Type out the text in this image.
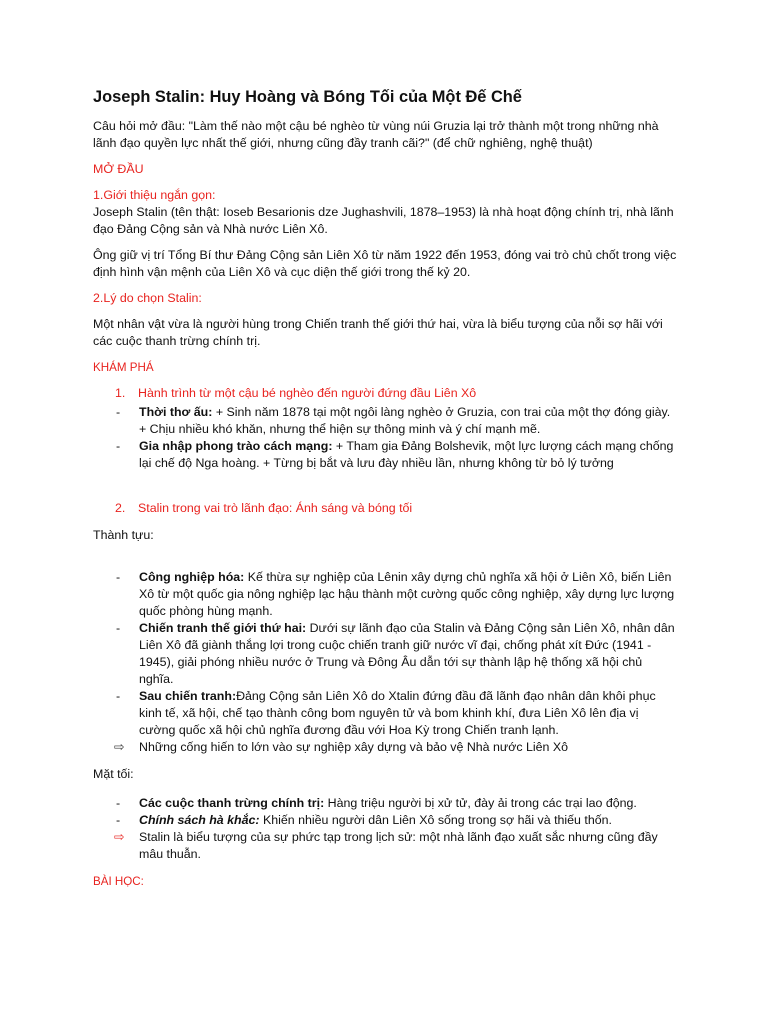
Joseph Stalin: Huy Hoàng và Bóng Tối của Một Đế Chế

Câu hỏi mở đầu: "Làm thế nào một cậu bé nghèo từ vùng núi Gruzia lại trở thành một trong những nhà lãnh đạo quyền lực nhất thế giới, nhưng cũng đầy tranh cãi?" (để chữ nghiêng, nghệ thuật)

MỞ ĐẦU

1.Giới thiệu ngắn gọn:

Joseph Stalin (tên thật: Ioseb Besarionis dze Jughashvili, 1878–1953) là nhà hoạt động chính trị, nhà lãnh đạo Đảng Cộng sản và Nhà nước Liên Xô.

Ông giữ vị trí Tổng Bí thư Đảng Cộng sản Liên Xô từ năm 1922 đến 1953, đóng vai trò chủ chốt trong việc định hình vận mệnh của Liên Xô và cục diện thế giới trong thế kỷ 20.

2.Lý do chọn Stalin:

Một nhân vật vừa là người hùng trong Chiến tranh thế giới thứ hai, vừa là biểu tượng của nỗi sợ hãi với các cuộc thanh trừng chính trị.

KHÁM PHÁ

1.	Hành trình từ một cậu bé nghèo đến người đứng đầu Liên Xô
- Thời thơ ấu: + Sinh năm 1878 tại một ngôi làng nghèo ở Gruzia, con trai của một thợ đóng giày. + Chịu nhiều khó khăn, nhưng thể hiện sự thông minh và ý chí mạnh mẽ.
- Gia nhập phong trào cách mạng: + Tham gia Đảng Bolshevik, một lực lượng cách mạng chống lại chế độ Nga hoàng. + Từng bị bắt và lưu đày nhiều lần, nhưng không từ bỏ lý tưởng
2.	Stalin trong vai trò lãnh đạo: Ánh sáng và bóng tối

Thành tựu:

- Công nghiệp hóa: Kế thừa sự nghiệp của Lênin xây dựng chủ nghĩa xã hội ở Liên Xô, biến Liên Xô từ một quốc gia nông nghiệp lạc hậu thành một cường quốc công nghiệp, xây dựng lực lượng quốc phòng hùng mạnh.
- Chiến tranh thế giới thứ hai: Dưới sự lãnh đạo của Stalin và Đảng Cộng sản Liên Xô, nhân dân Liên Xô đã giành thắng lợi trong cuộc chiến tranh giữ nước vĩ đại, chống phát xít Đức (1941 - 1945), giải phóng nhiều nước ở Trung và Đông Âu dẫn tới sự thành lập hệ thống xã hội chủ nghĩa.
- Sau chiến tranh:Đảng Cộng sản Liên Xô do Xtalin đứng đầu đã lãnh đạo nhân dân khôi phục kinh tế, xã hội, chế tạo thành công bom nguyên tử và bom khinh khí, đưa Liên Xô lên địa vị cường quốc xã hội chủ nghĩa đương đầu với Hoa Kỳ trong Chiến tranh lạnh.
⇨ Những cống hiến to lớn vào sự nghiệp xây dựng và bảo vệ Nhà nước Liên Xô

Mặt tối:

- Các cuộc thanh trừng chính trị: Hàng triệu người bị xử tử, đày ải trong các trại lao động.
- Chính sách hà khắc: Khiến nhiều người dân Liên Xô sống trong sợ hãi và thiếu thốn.
⇨ Stalin là biểu tượng của sự phức tạp trong lịch sử: một nhà lãnh đạo xuất sắc nhưng cũng đầy mâu thuẫn.

BÀI HỌC:
